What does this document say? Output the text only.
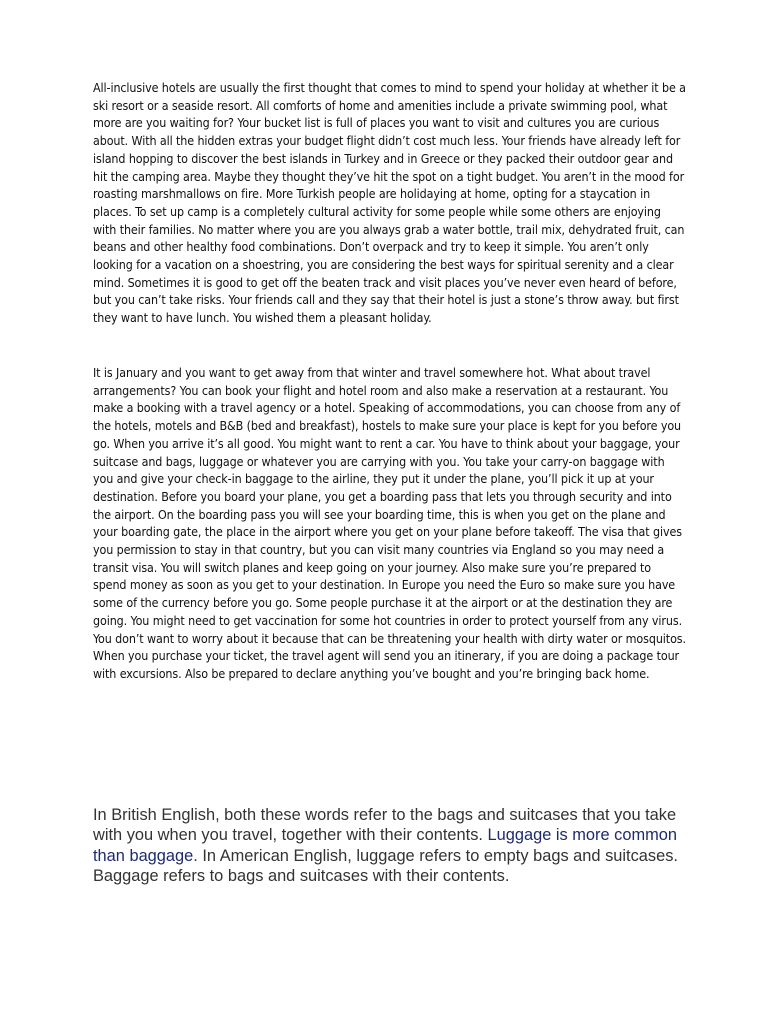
All-inclusive hotels are usually the first thought that comes to mind to spend your holiday at whether it be a ski resort or a seaside resort. All comforts of home and amenities include a private swimming pool, what more are you waiting for? Your bucket list is full of places you want to visit and cultures you are curious about. With all the hidden extras your budget flight didn’t cost much less. Your friends have already left for island hopping to discover the best islands in Turkey and in Greece or they packed their outdoor gear and hit the camping area. Maybe they thought they’ve hit the spot on a tight budget. You aren’t in the mood for roasting marshmallows on fire. More Turkish people are holidaying at home, opting for a staycation in places. To set up camp is a completely cultural activity for some people while some others are enjoying with their families. No matter where you are you always grab a water bottle, trail mix, dehydrated fruit, can beans and other healthy food combinations. Don’t overpack and try to keep it simple. You aren’t only looking for a vacation on a shoestring, you are considering the best ways for spiritual serenity and a clear mind. Sometimes it is good to get off the beaten track and visit places you’ve never even heard of before, but you can’t take risks. Your friends call and they say that their hotel is just a stone’s throw away. but first they want to have lunch. You wished them a pleasant holiday.

It is January and you want to get away from that winter and travel somewhere hot. What about travel arrangements? You can book your flight and hotel room and also make a reservation at a restaurant. You make a booking with a travel agency or a hotel. Speaking of accommodations, you can choose from any of the hotels, motels and B&B (bed and breakfast), hostels to make sure your place is kept for you before you go. When you arrive it’s all good. You might want to rent a car. You have to think about your baggage, your suitcase and bags, luggage or whatever you are carrying with you. You take your carry-on baggage with you and give your check-in baggage to the airline, they put it under the plane, you’ll pick it up at your destination. Before you board your plane, you get a boarding pass that lets you through security and into the airport. On the boarding pass you will see your boarding time, this is when you get on the plane and your boarding gate, the place in the airport where you get on your plane before takeoff. The visa that gives you permission to stay in that country, but you can visit many countries via England so you may need a transit visa. You will switch planes and keep going on your journey. Also make sure you’re prepared to spend money as soon as you get to your destination. In Europe you need the Euro so make sure you have some of the currency before you go. Some people purchase it at the airport or at the destination they are going. You might need to get vaccination for some hot countries in order to protect yourself from any virus. You don’t want to worry about it because that can be threatening your health with dirty water or mosquitos. When you purchase your ticket, the travel agent will send you an itinerary, if you are doing a package tour with excursions. Also be prepared to declare anything you’ve bought and you’re bringing back home.

In British English, both these words refer to the bags and suitcases that you take with you when you travel, together with their contents. Luggage is more common than baggage. In American English, luggage refers to empty bags and suitcases. Baggage refers to bags and suitcases with their contents.
